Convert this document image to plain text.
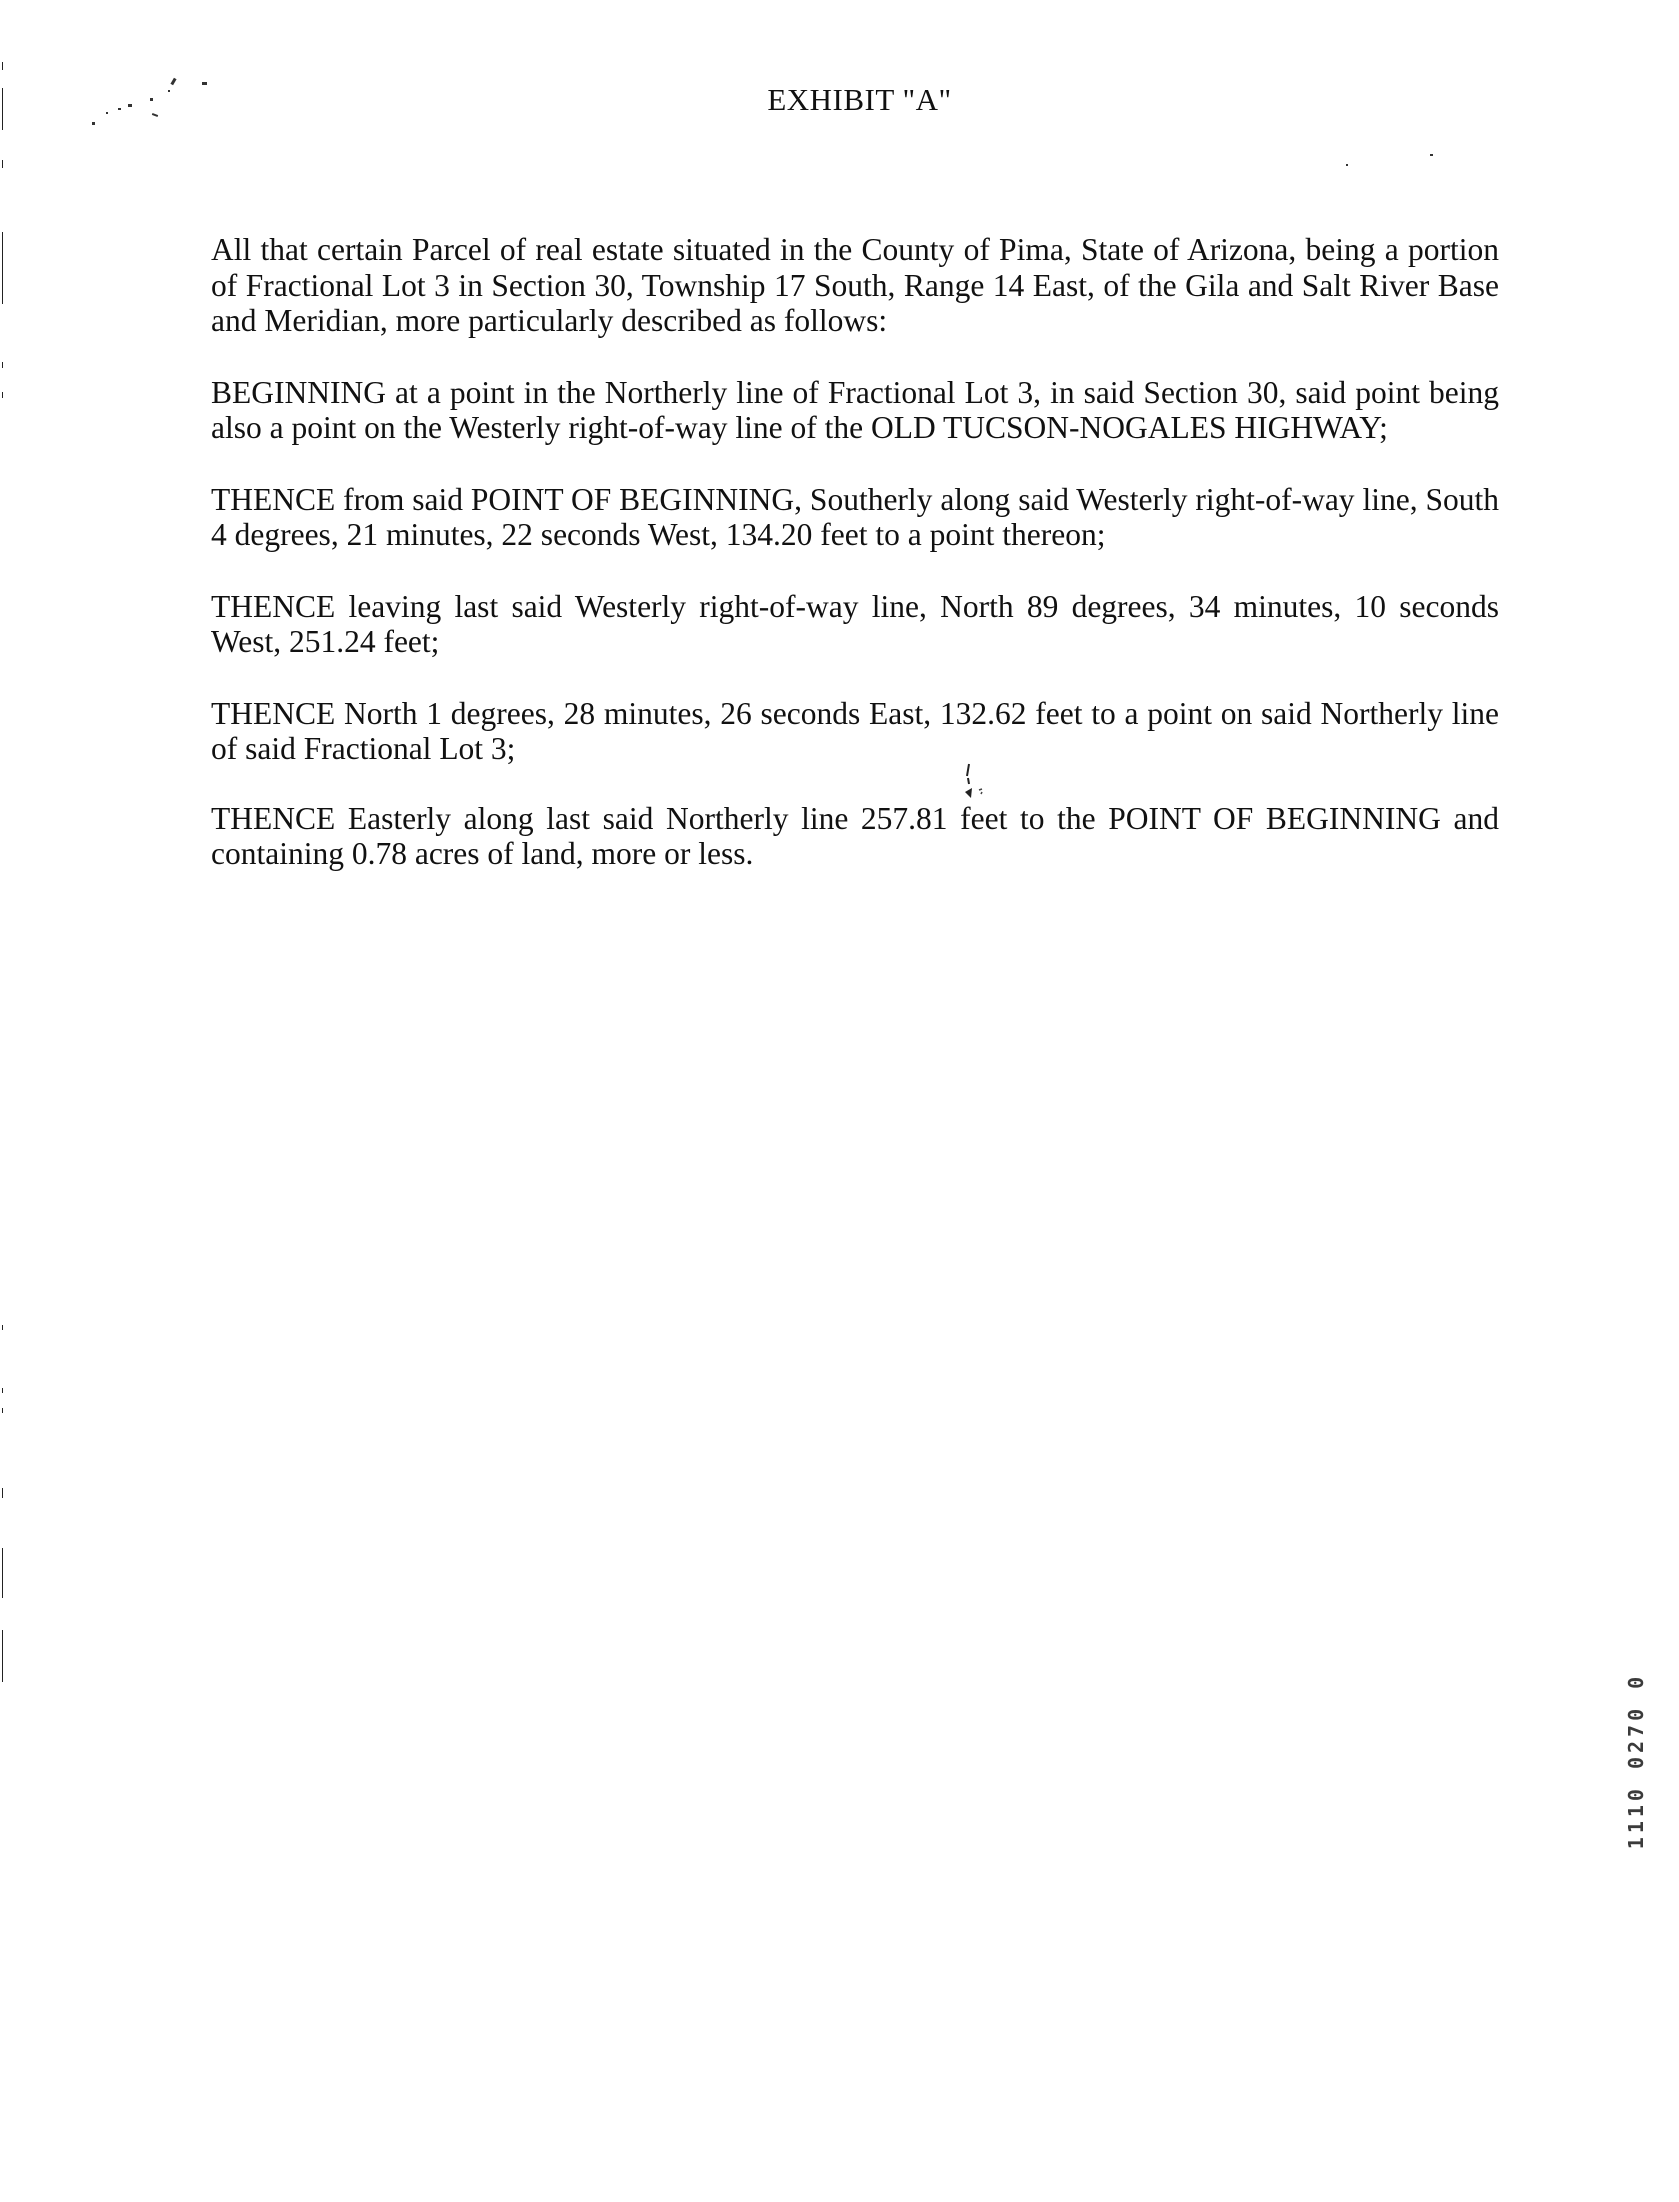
EXHIBIT "A"

All that certain Parcel of real estate situated in the County of Pima, State of Arizona, being a portion of Fractional Lot 3 in Section 30, Township 17 South, Range 14 East, of the Gila and Salt River Base and Meridian, more particularly described as follows:

BEGINNING at a point in the Northerly line of Fractional Lot 3, in said Section 30, said point being also a point on the Westerly right-of-way line of the OLD TUCSON-NOGALES HIGHWAY;

THENCE from said POINT OF BEGINNING, Southerly along said Westerly right-of-way line, South 4 degrees, 21 minutes, 22 seconds West, 134.20 feet to a point thereon;

THENCE leaving last said Westerly right-of-way line, North 89 degrees, 34 minutes, 10 seconds West, 251.24 feet;

THENCE North 1 degrees, 28 minutes, 26 seconds East, 132.62 feet to a point on said Northerly line of said Fractional Lot 3;

THENCE Easterly along last said Northerly line 257.81 feet to the POINT OF BEGINNING and containing 0.78 acres of land, more or less.

1110 0270 0
